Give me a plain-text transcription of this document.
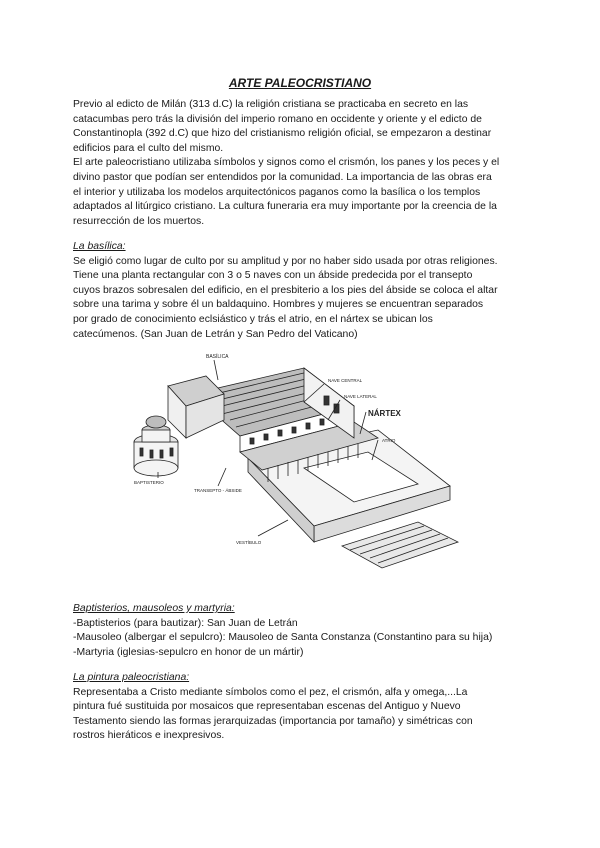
ARTE PALEOCRISTIANO

Previo al edicto de Milán (313 d.C) la religión cristiana se practicaba en secreto en las
catacumbas pero trás la división del imperio romano en occidente y oriente y el edicto de
Constantinopla (392 d.C) que hizo del cristianismo religión oficial, se empezaron a destinar
edificios para el culto del mismo.

El arte paleocristiano utilizaba símbolos y signos como el crismón, los panes y los peces y el
divino pastor que podían ser entendidos por la comunidad. La importancia de las obras era
el interior y utilizaba los modelos arquitectónicos paganos como la basílica o los templos
adaptados al litúrgico cristiano. La cultura funeraria era muy importante por la creencia de la
resurrección de los muertos.

La basílica:
Se eligió como lugar de culto por su amplitud y por no haber sido usada por otras religiones.
Tiene una planta rectangular con 3 o 5 naves con un ábside predecida por el transepto
cuyos brazos sobresalen del edificio, en el presbiterio a los pies del ábside se coloca el altar
sobre una tarima y sobre él un baldaquino. Hombres y mujeres se encuentran separados
por grado de conocimiento eclsiástico y trás el atrio, en el nártex se ubican los
catecúmenos. (San Juan de Letrán y San Pedro del Vaticano)
BASÍLICA
NAVE CENTRAL
NAVE LATERAL
NÁRTEX
ATRIO
BAPTISTERIO
TRANSEPTO - ÁBSIDE
VESTÍBULO
Baptisterios, mausoleos y martyria:
-Baptisterios (para bautizar): San Juan de Letrán
-Mausoleo (albergar el sepulcro): Mausoleo de Santa Constanza (Constantino para su hija)
-Martyria (iglesias-sepulcro en honor de un mártir)
La pintura paleocristiana:
Representaba a Cristo mediante símbolos como el pez, el crismón, alfa y omega,...La
pintura fué sustituida por mosaicos que representaban escenas del Antiguo y Nuevo
Testamento siendo las formas jerarquizadas (importancia por tamaño) y simétricas con
rostros hieráticos e inexpresivos.
